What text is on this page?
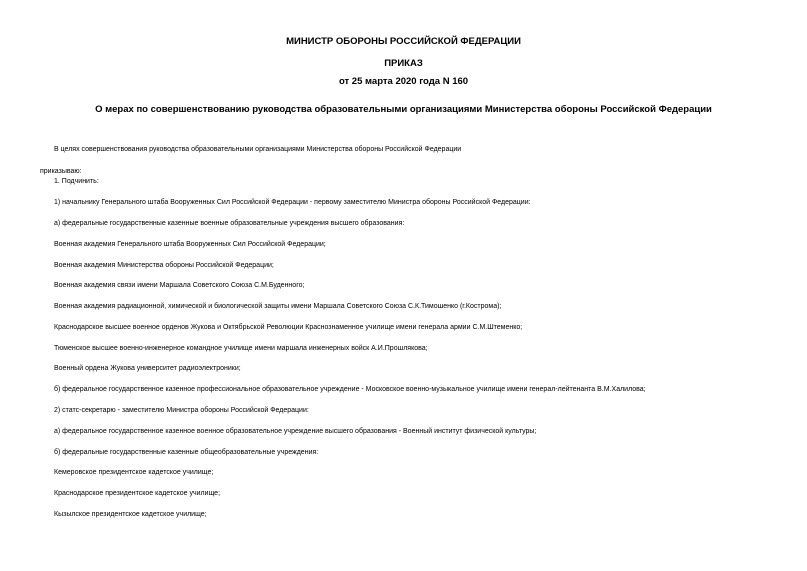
МИНИСТР ОБОРОНЫ РОССИЙСКОЙ ФЕДЕРАЦИИ
ПРИКАЗ
от 25 марта 2020 года N 160
О мерах по совершенствованию руководства образовательными организациями Министерства обороны Российской Федерации
В целях совершенствования руководства образовательными организациями Министерства обороны Российской Федерации
приказываю:
1. Подчинить:
1) начальнику Генерального штаба Вооруженных Сил Российской Федерации - первому заместителю Министра обороны Российской Федерации:
а) федеральные государственные казенные военные образовательные учреждения высшего образования:
Военная академия Генерального штаба Вооруженных Сил Российской Федерации;
Военная академия Министерства обороны Российской Федерации;
Военная академия связи имени Маршала Советского Союза С.М.Буденного;
Военная академия радиационной, химической и биологической защиты имени Маршала Советского Союза С.К.Тимошенко (г.Кострома);
Краснодарское высшее военное орденов Жукова и Октябрьской Революции Краснознаменное училище имени генерала армии С.М.Штеменко;
Тюменское высшее военно-инженерное командное училище имени маршала инженерных войск А.И.Прошлякова;
Военный ордена Жукова университет радиоэлектроники;
б) федеральное государственное казенное профессиональное образовательное учреждение - Московское военно-музыкальное училище имени генерал-лейтенанта В.М.Халилова;
2) статс-секретарю - заместителю Министра обороны Российской Федерации:
а) федеральное государственное казенное военное образовательное учреждение высшего образования - Военный институт физической культуры;
б) федеральные государственные казенные общеобразовательные учреждения:
Кемеровское президентское кадетское училище;
Краснодарское президентское кадетское училище;
Кызылское президентское кадетское училище;
